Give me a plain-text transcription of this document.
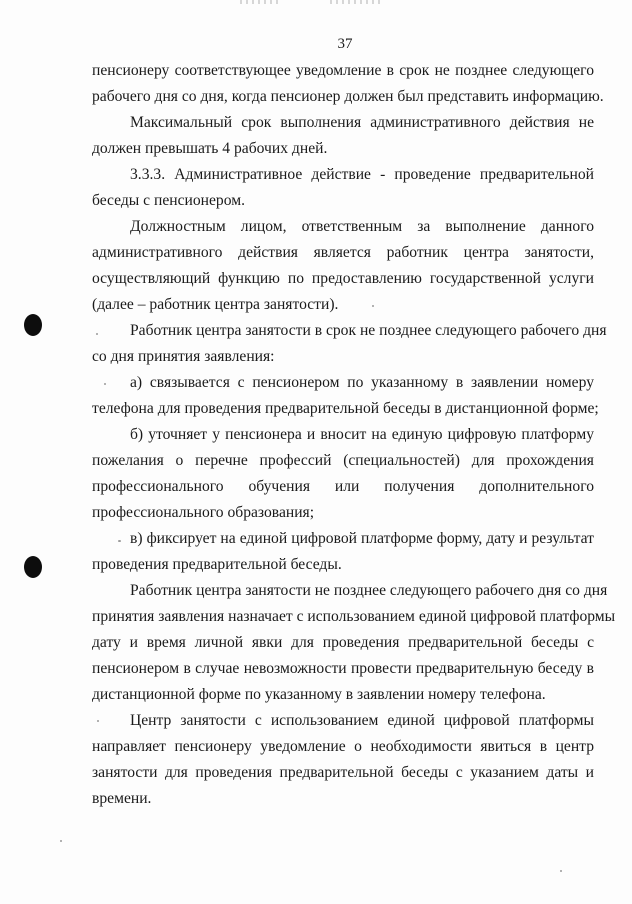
37
пенсионеру соответствующее уведомление в срок не позднее следующего
рабочего дня со дня, когда пенсионер должен был представить информацию.
Максимальный срок выполнения административного действия не
должен превышать 4 рабочих дней.
3.3.3. Административное действие - проведение предварительной
беседы с пенсионером.
Должностным лицом, ответственным за выполнение данного
административного действия является работник центра занятости,
осуществляющий функцию по предоставлению государственной услуги
(далее – работник центра занятости).
Работник центра занятости в срок не позднее следующего рабочего дня
со дня принятия заявления:
а) связывается с пенсионером по указанному в заявлении номеру
телефона для проведения предварительной беседы в дистанционной форме;
б) уточняет у пенсионера и вносит на единую цифровую платформу
пожелания о перечне профессий (специальностей) для прохождения
профессионального обучения или получения дополнительного
профессионального образования;
в) фиксирует на единой цифровой платформе форму, дату и результат
проведения предварительной беседы.
Работник центра занятости не позднее следующего рабочего дня со дня
принятия заявления назначает с использованием единой цифровой платформы
дату и время личной явки для проведения предварительной беседы с
пенсионером в случае невозможности провести предварительную беседу в
дистанционной форме по указанному в заявлении номеру телефона.
Центр занятости с использованием единой цифровой платформы
направляет пенсионеру уведомление о необходимости явиться в центр
занятости для проведения предварительной беседы с указанием даты и
времени.
